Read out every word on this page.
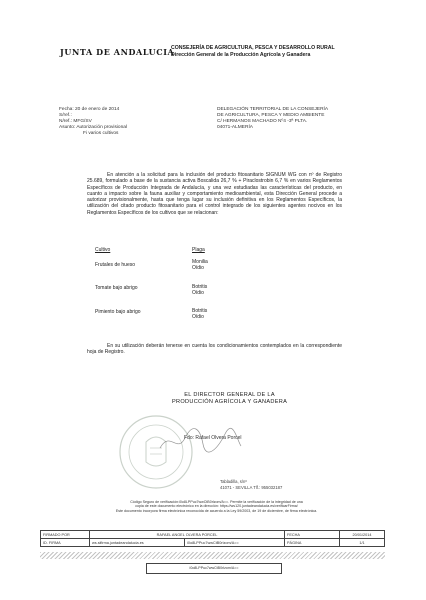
JUNTA DE ANDALUCIA
CONSEJERÍA DE AGRICULTURA, PESCA Y DESARROLLO RURAL
Dirección General de la Producción Agrícola y Ganadera
Fecha: 20 de enero de 2014
S/ref.:
N/ref.: MFG/SV
Asunto: Autorización provisional
Fi varios cultivos
DELEGACIÓN TERRITORIAL DE LA CONSEJERÍA
DE AGRICULTURA, PESCA Y MEDIO AMBIENTE
C/ HERMANOS MACHADO Nº4 -3ª PLTA.
04071-ALMERÍA
En atención a la solicitud para la inclusión del producto fitosanitario SIGNUM WG con nº de Registro 25.689, formulado a base de la sustancia activa Boscalida 26,7 % + Piraclostrobin 6,7 % en varios Reglamentos Específicos de Producción Integrada de Andalucía, y una vez estudiadas las características del producto, en cuanto a impacto sobre la fauna auxiliar y comportamiento medioambiental, esta Dirección General procede a autorizar provisionalmente, hasta que tenga lugar su inclusión definitiva en los Reglamentos Específicos, la utilización del citado producto fitosanitario para el control integrado de los siguientes agentes nocivos en los Reglamentos Específicos de los cultivos que se relacionan:
Cultivo	Plaga
Frutales de hueso	Monilia
Oídio
Tomate bajo abrigo	Botritis
Oídio
Pimiento bajo abrigo	Botritis
Oídio
En su utilización deberán tenerse en cuenta los condicionamientos contemplados en la correspondiente hoja de Registro.
EL DIRECTOR GENERAL DE LA
PRODUCCIÓN AGRÍCOLA Y GANADERA
Fdo: Rafael Olvera Porcel
Tabladilla, s/nº
41071 - SEVILLA Tlf.: 955032187
Código Seguro de verificación:i0o8LPPuc7wwCtB0rlzom/A==. Permite la verificación de la integridad de una
copia de este documento electrónico en la dirección: https://ws120.juntadeandalucia.es/verificarFirma/
Este documento incorpora firma electrónica reconocida de acuerdo a la Ley 59/2003, de 19 de diciembre, de firma electrónica.
FIRMADO POR	RAFAEL ANGEL OLVERA PORCEL		FECHA	20/01/2014
ID. FIRMA	ws.sifirma.juntadeandalucia.es	i0o8LPPuc7wwCtB0rlzom/A==	PÁGINA	1/1
i0o8LPPuc7wwCtB0rlzom/A==
